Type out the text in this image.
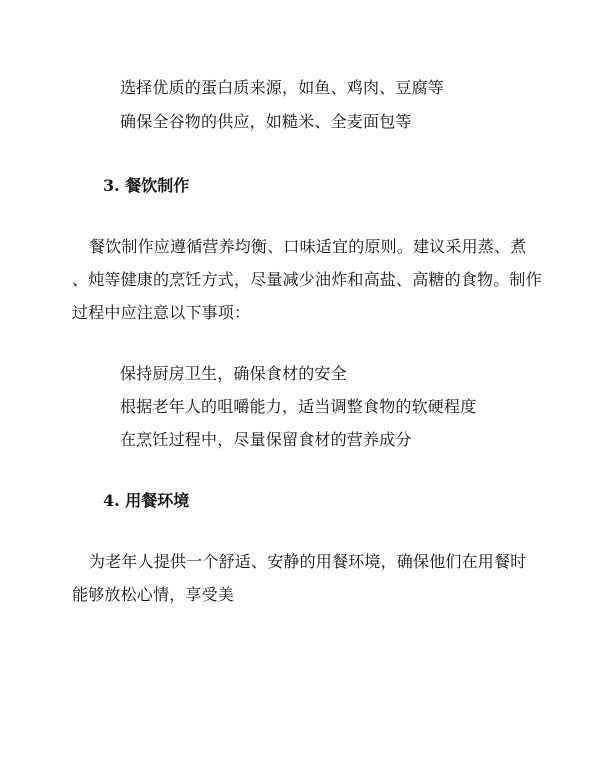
选择优质的蛋白质来源，如鱼、鸡肉、豆腐等
确保全谷物的供应，如糙米、全麦面包等
3. 餐饮制作
餐饮制作应遵循营养均衡、口味适宜的原则。建议采用蒸、煮
、炖等健康的烹饪方式，尽量减少油炸和高盐、高糖的食物。制作
过程中应注意以下事项：
保持厨房卫生，确保食材的安全
根据老年人的咀嚼能力，适当调整食物的软硬程度
在烹饪过程中，尽量保留食材的营养成分
4. 用餐环境
为老年人提供一个舒适、安静的用餐环境，确保他们在用餐时
能够放松心情，享受美
